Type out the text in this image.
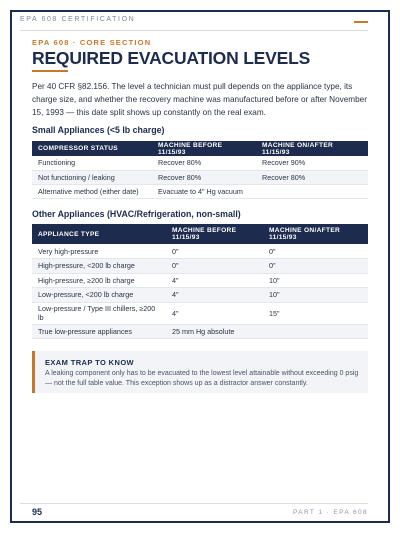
EPA 608 CERTIFICATION
EPA 608 · CORE SECTION
REQUIRED EVACUATION LEVELS

Per 40 CFR §82.156. The level a technician must pull depends on the appliance type, its charge size, and whether the recovery machine was manufactured before or after November 15, 1993 — this date split shows up constantly on the real exam.

Small Appliances (<5 lb charge)
COMPRESSOR STATUS	MACHINE BEFORE 11/15/93	MACHINE ON/AFTER 11/15/93
Functioning	Recover 80%	Recover 90%
Not functioning / leaking	Recover 80%	Recover 80%
Alternative method (either date)	Evacuate to 4" Hg vacuum	
Other Appliances (HVAC/Refrigeration, non-small)
APPLIANCE TYPE	MACHINE BEFORE 11/15/93	MACHINE ON/AFTER 11/15/93
Very high-pressure	0"	0"
High-pressure, <200 lb charge	0"	0"
High-pressure, ≥200 lb charge	4"	10"
Low-pressure, <200 lb charge	4"	10"
Low-pressure / Type III chillers, ≥200 lb	4"	15"
True low-pressure appliances	25 mm Hg absolute	
EXAM TRAP TO KNOW
A leaking component only has to be evacuated to the lowest level attainable without exceeding 0 psig — not the full table value. This exception shows up as a distractor answer constantly.
95	PART 1 · EPA 608
